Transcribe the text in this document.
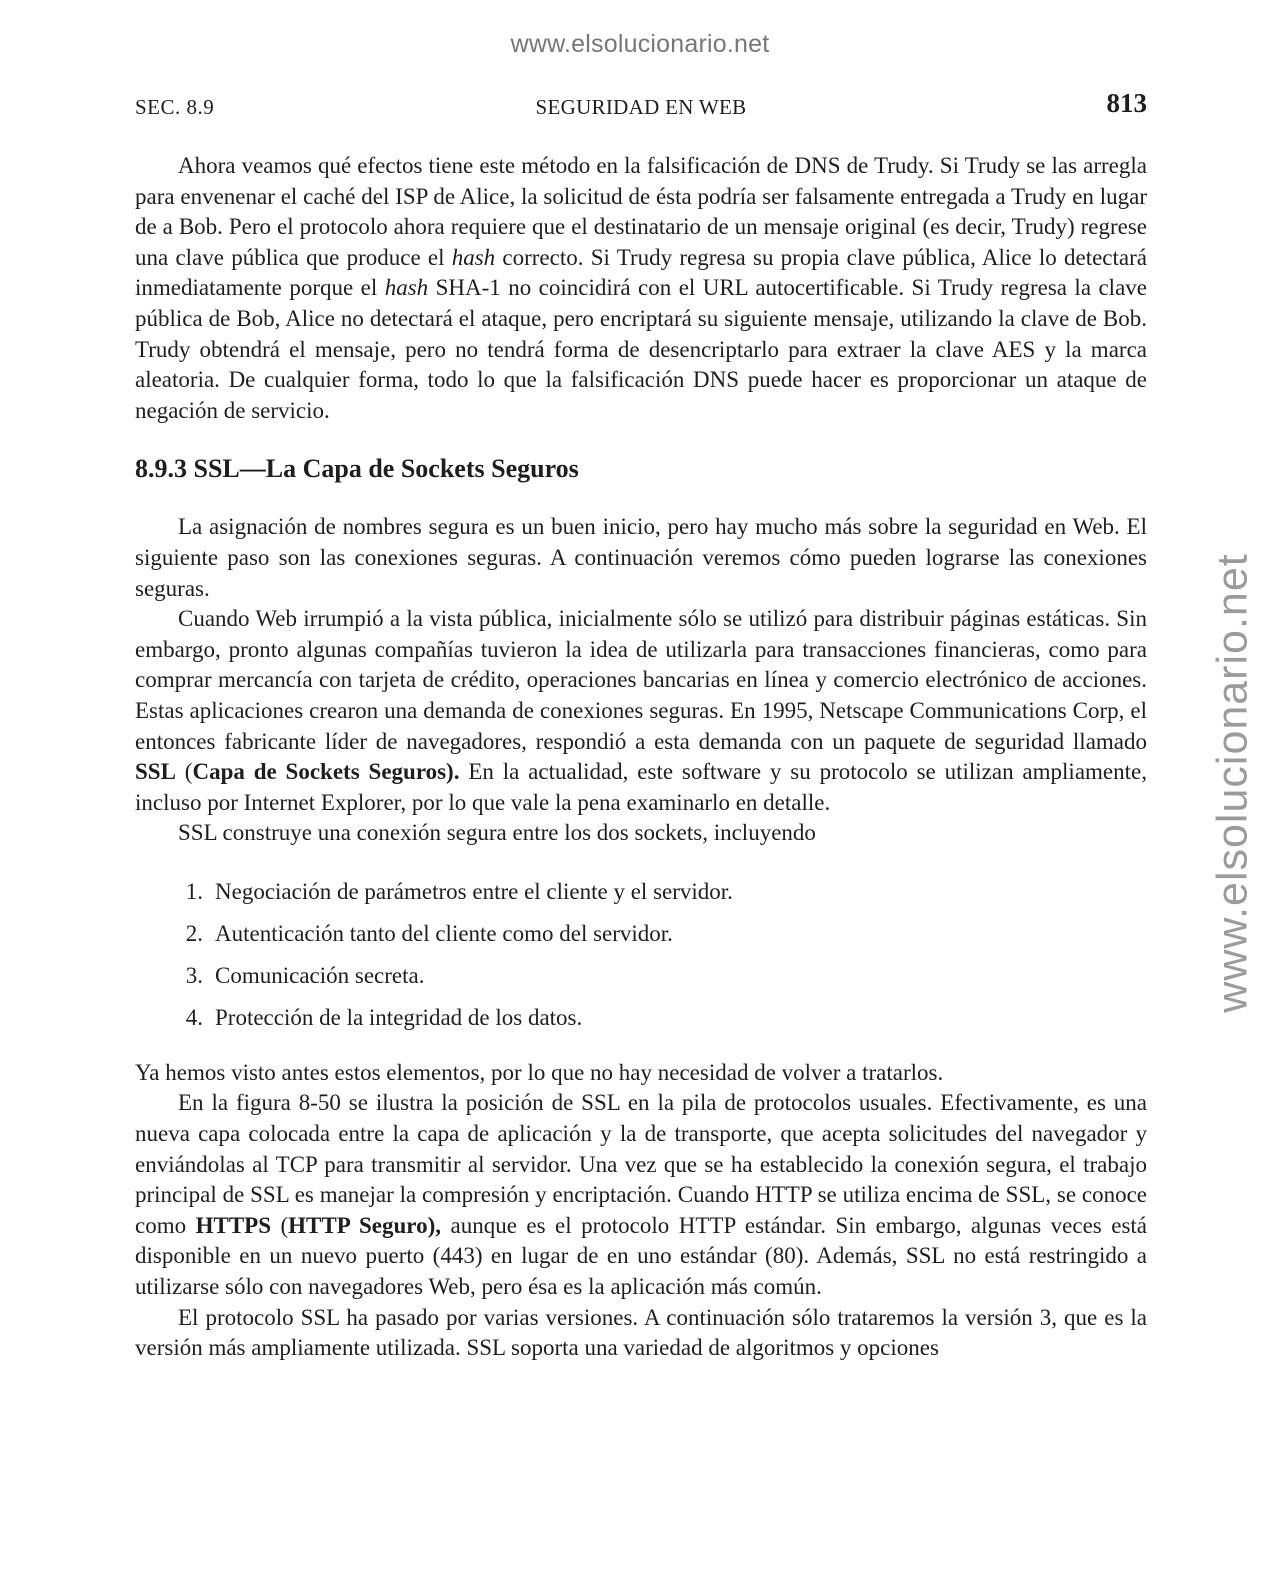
www.elsolucionario.net
www.elsolucionario.net
SEC. 8.9	SEGURIDAD EN WEB	813

Ahora veamos qué efectos tiene este método en la falsificación de DNS de Trudy. Si Trudy se las arregla para envenenar el caché del ISP de Alice, la solicitud de ésta podría ser falsamente entregada a Trudy en lugar de a Bob. Pero el protocolo ahora requiere que el destinatario de un mensaje original (es decir, Trudy) regrese una clave pública que produce el hash correcto. Si Trudy regresa su propia clave pública, Alice lo detectará inmediatamente porque el hash SHA-1 no coincidirá con el URL autocertificable. Si Trudy regresa la clave pública de Bob, Alice no detectará el ataque, pero encriptará su siguiente mensaje, utilizando la clave de Bob. Trudy obtendrá el mensaje, pero no tendrá forma de desencriptarlo para extraer la clave AES y la marca aleatoria. De cualquier forma, todo lo que la falsificación DNS puede hacer es proporcionar un ataque de negación de servicio.

8.9.3 SSL—La Capa de Sockets Seguros

La asignación de nombres segura es un buen inicio, pero hay mucho más sobre la seguridad en Web. El siguiente paso son las conexiones seguras. A continuación veremos cómo pueden lograrse las conexiones seguras.

Cuando Web irrumpió a la vista pública, inicialmente sólo se utilizó para distribuir páginas estáticas. Sin embargo, pronto algunas compañías tuvieron la idea de utilizarla para transacciones financieras, como para comprar mercancía con tarjeta de crédito, operaciones bancarias en línea y comercio electrónico de acciones. Estas aplicaciones crearon una demanda de conexiones seguras. En 1995, Netscape Communications Corp, el entonces fabricante líder de navegadores, respondió a esta demanda con un paquete de seguridad llamado SSL (Capa de Sockets Seguros). En la actualidad, este software y su protocolo se utilizan ampliamente, incluso por Internet Explorer, por lo que vale la pena examinarlo en detalle.

SSL construye una conexión segura entre los dos sockets, incluyendo

1. Negociación de parámetros entre el cliente y el servidor.
2. Autenticación tanto del cliente como del servidor.
3. Comunicación secreta.
4. Protección de la integridad de los datos.

Ya hemos visto antes estos elementos, por lo que no hay necesidad de volver a tratarlos.

En la figura 8-50 se ilustra la posición de SSL en la pila de protocolos usuales. Efectivamente, es una nueva capa colocada entre la capa de aplicación y la de transporte, que acepta solicitudes del navegador y enviándolas al TCP para transmitir al servidor. Una vez que se ha establecido la conexión segura, el trabajo principal de SSL es manejar la compresión y encriptación. Cuando HTTP se utiliza encima de SSL, se conoce como HTTPS (HTTP Seguro), aunque es el protocolo HTTP estándar. Sin embargo, algunas veces está disponible en un nuevo puerto (443) en lugar de en uno estándar (80). Además, SSL no está restringido a utilizarse sólo con navegadores Web, pero ésa es la aplicación más común.

El protocolo SSL ha pasado por varias versiones. A continuación sólo trataremos la versión 3, que es la versión más ampliamente utilizada. SSL soporta una variedad de algoritmos y opciones
